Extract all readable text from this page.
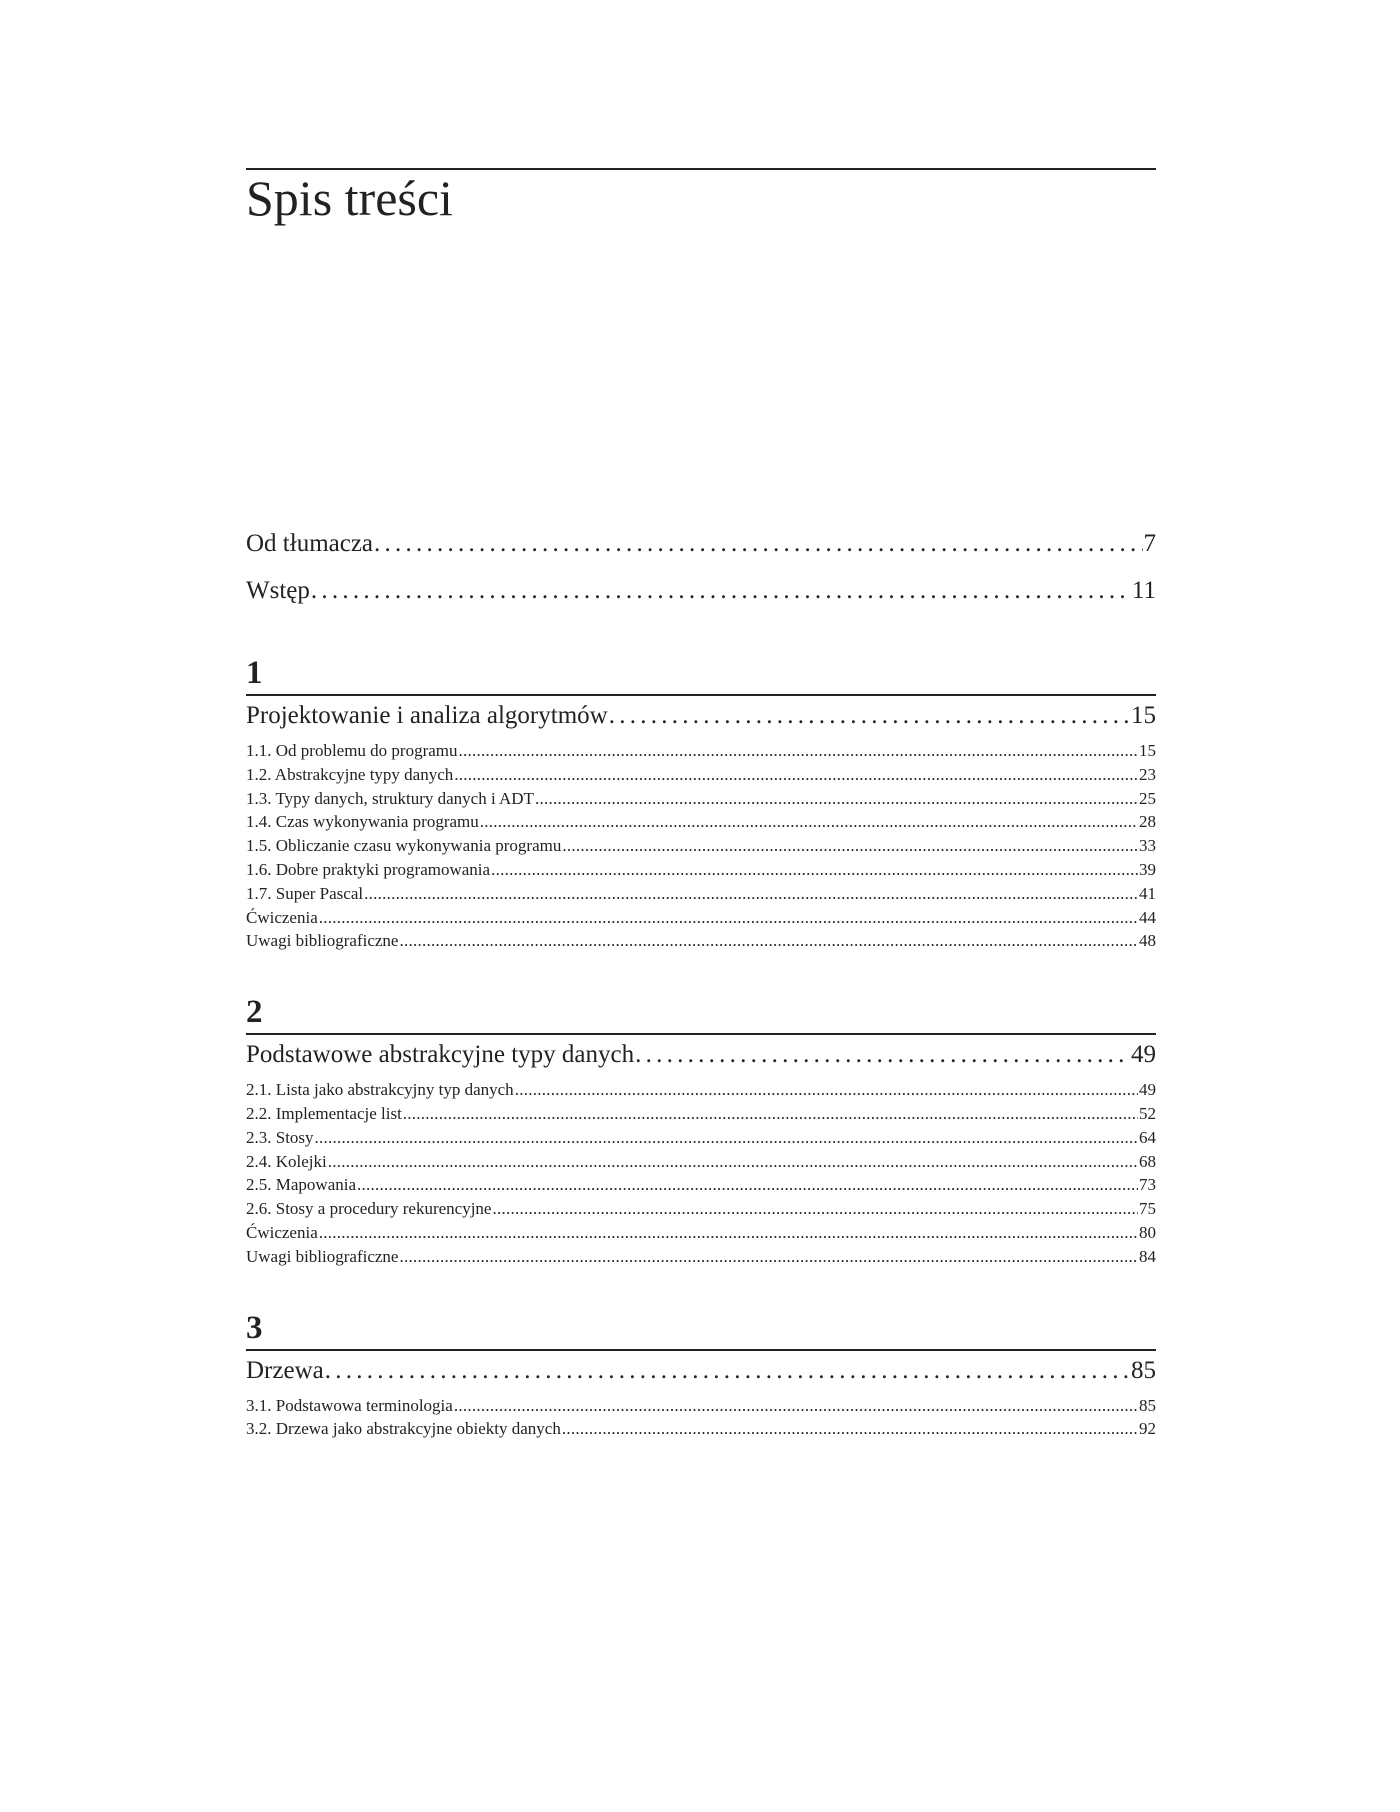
Spis treści
Od tłumacza . . .	7
Wstęp . . .	11
1
Projektowanie i analiza algorytmów . . .	15
1.1. Od problemu do programu . . .	15
1.2. Abstrakcyjne typy danych . . .	23
1.3. Typy danych, struktury danych i ADT . . .	25
1.4. Czas wykonywania programu . . .	28
1.5. Obliczanie czasu wykonywania programu . . .	33
1.6. Dobre praktyki programowania . . .	39
1.7. Super Pascal . . .	41
Ćwiczenia . . .	44
Uwagi bibliograficzne . . .	48
2
Podstawowe abstrakcyjne typy danych . . .	49
2.1. Lista jako abstrakcyjny typ danych . . .	49
2.2. Implementacje list . . .	52
2.3. Stosy . . .	64
2.4. Kolejki . . .	68
2.5. Mapowania . . .	73
2.6. Stosy a procedury rekurencyjne . . .	75
Ćwiczenia . . .	80
Uwagi bibliograficzne . . .	84
3
Drzewa . . .	85
3.1. Podstawowa terminologia . . .	85
3.2. Drzewa jako abstrakcyjne obiekty danych . . .	92
